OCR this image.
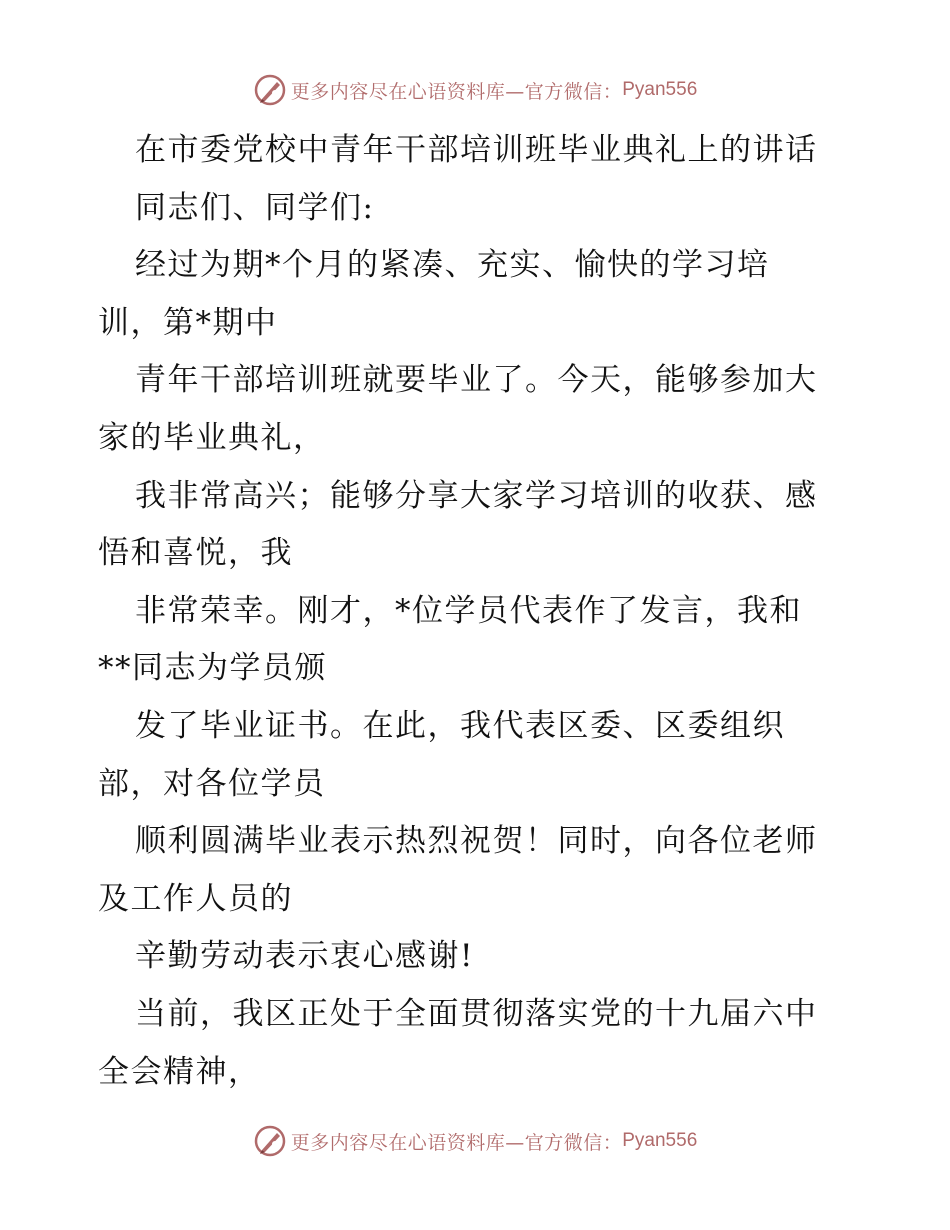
更多内容尽在心语资料库—官方微信： Pyan556
在市委党校中青年干部培训班毕业典礼上的讲话
同志们、同学们:
经过为期*个月的紧凑、充实、愉快的学习培
训，第*期中
青年干部培训班就要毕业了。今天，能够参加大
家的毕业典礼，
我非常高兴；能够分享大家学习培训的收获、感
悟和喜悦，我
非常荣幸。刚才，*位学员代表作了发言，我和
**同志为学员颁
发了毕业证书。在此，我代表区委、区委组织
部，对各位学员
顺利圆满毕业表示热烈祝贺！同时，向各位老师
及工作人员的
辛勤劳动表示衷心感谢!
当前，我区正处于全面贯彻落实党的十九届六中
全会精神，
更多内容尽在心语资料库—官方微信： Pyan556
